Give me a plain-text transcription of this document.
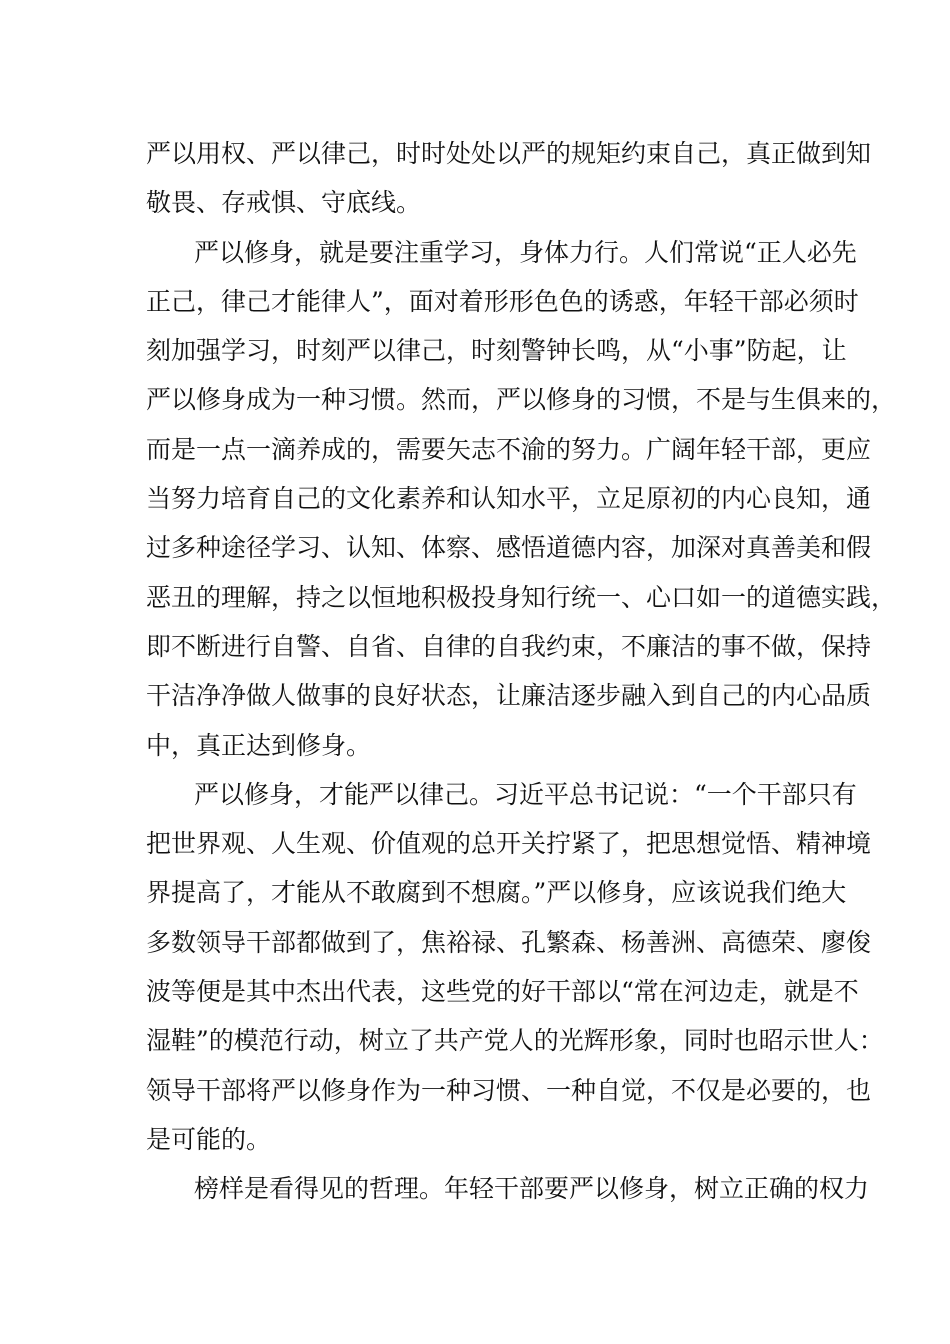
严以用权、严以律己，时时处处以严的规矩约束自己，真正做到知
敬畏、存戒惧、守底线。
严以修身，就是要注重学习，身体力行。人们常说“正人必先
正己，律己才能律人”，面对着形形色色的诱惑，年轻干部必须时
刻加强学习，时刻严以律己，时刻警钟长鸣，从“小事”防起，让
严以修身成为一种习惯。然而，严以修身的习惯，不是与生俱来的，
而是一点一滴养成的，需要矢志不渝的努力。广阔年轻干部，更应
当努力培育自己的文化素养和认知水平，立足原初的内心良知，通
过多种途径学习、认知、体察、感悟道德内容，加深对真善美和假
恶丑的理解，持之以恒地积极投身知行统一、心口如一的道德实践，
即不断进行自警、自省、自律的自我约束，不廉洁的事不做，保持
干洁净净做人做事的良好状态，让廉洁逐步融入到自己的内心品质
中，真正达到修身。
严以修身，才能严以律己。习近平总书记说：“一个干部只有
把世界观、人生观、价值观的总开关拧紧了，把思想觉悟、精神境
界提高了，才能从不敢腐到不想腐。”严以修身，应该说我们绝大
多数领导干部都做到了，焦裕禄、孔繁森、杨善洲、高德荣、廖俊
波等便是其中杰出代表，这些党的好干部以“常在河边走，就是不
湿鞋”的模范行动，树立了共产党人的光辉形象，同时也昭示世人：
领导干部将严以修身作为一种习惯、一种自觉，不仅是必要的，也
是可能的。
榜样是看得见的哲理。年轻干部要严以修身，树立正确的权力
